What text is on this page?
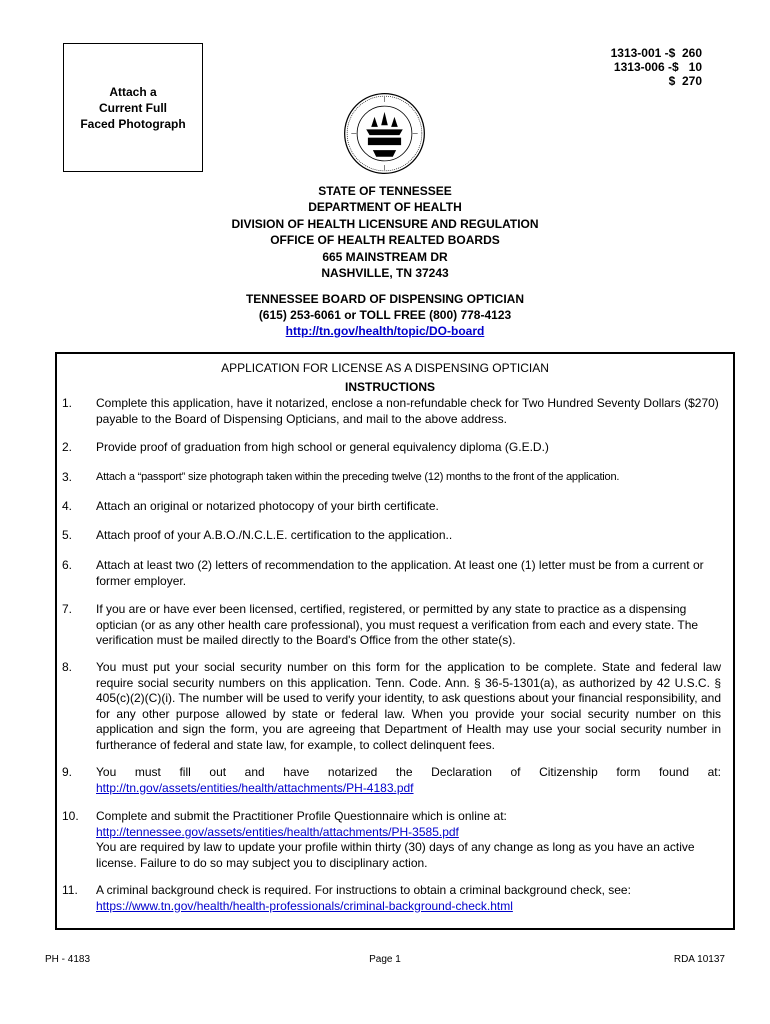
Attach a
Current Full
Faced Photograph
1313-001 -$  260
1313-006 -$   10
$  270
STATE OF TENNESSEE
DEPARTMENT OF HEALTH
DIVISION OF HEALTH LICENSURE AND REGULATION
OFFICE OF HEALTH REALTED BOARDS
665 MAINSTREAM DR
NASHVILLE, TN 37243
TENNESSEE BOARD OF DISPENSING OPTICIAN
(615) 253-6061 or TOLL FREE (800) 778-4123
http://tn.gov/health/topic/DO-board
APPLICATION FOR LICENSE AS A DISPENSING OPTICIAN
INSTRUCTIONS
1. Complete this application, have it notarized, enclose a non-refundable check for Two Hundred Seventy Dollars ($270) payable to the Board of Dispensing Opticians, and mail to the above address.
2. Provide proof of graduation from high school or general equivalency diploma (G.E.D.)
3. Attach a “passport” size photograph taken within the preceding twelve (12) months to the front of the application.
4. Attach an original or notarized photocopy of your birth certificate.
5. Attach proof of your A.B.O./N.C.L.E. certification to the application..
6. Attach at least two (2) letters of recommendation to the application. At least one (1) letter must be from a current or former employer.
7. If you are or have ever been licensed, certified, registered, or permitted by any state to practice as a dispensing optician (or as any other health care professional), you must request a verification from each and every state. The verification must be mailed directly to the Board's Office from the other state(s).
8. You must put your social security number on this form for the application to be complete. State and federal law require social security numbers on this application. Tenn. Code. Ann. § 36-5-1301(a), as authorized by 42 U.S.C. § 405(c)(2)(C)(i). The number will be used to verify your identity, to ask questions about your financial responsibility, and for any other purpose allowed by state or federal law. When you provide your social security number on this application and sign the form, you are agreeing that Department of Health may use your social security number in furtherance of federal and state law, for example, to collect delinquent fees.
9. You must fill out and have notarized the Declaration of Citizenship form found at:
http://tn.gov/assets/entities/health/attachments/PH-4183.pdf
10. Complete and submit the Practitioner Profile Questionnaire which is online at:
http://tennessee.gov/assets/entities/health/attachments/PH-3585.pdf
You are required by law to update your profile within thirty (30) days of any change as long as you have an active license. Failure to do so may subject you to disciplinary action.
11. A criminal background check is required. For instructions to obtain a criminal background check, see:
https://www.tn.gov/health/health-professionals/criminal-background-check.html
PH - 4183	Page 1	RDA 10137
